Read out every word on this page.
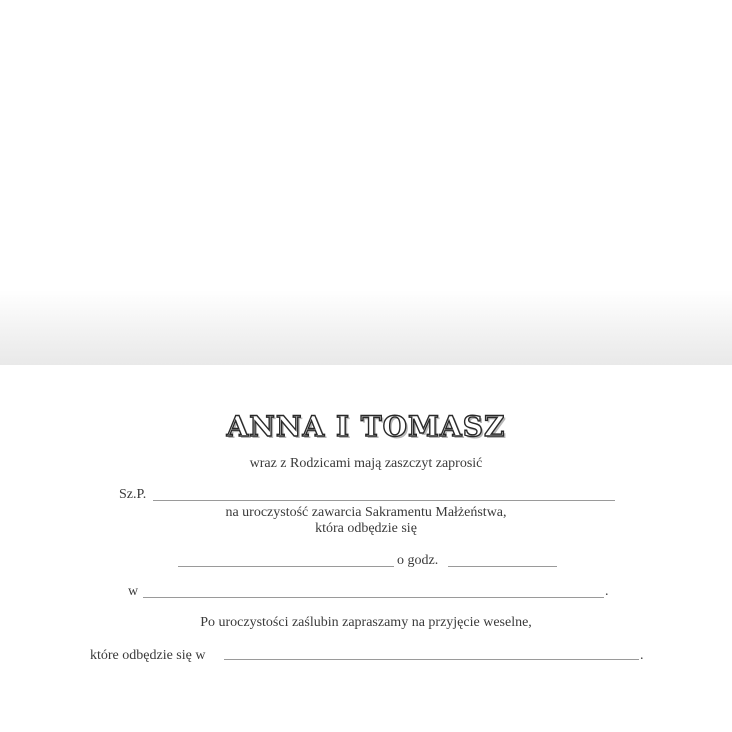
ANNA I TOMASZ
wraz z Rodzicami mają zaszczyt zaprosić
Sz.P.
na uroczystość zawarcia Sakramentu Małżeństwa,
która odbędzie się
o godz.
w	.
Po uroczystości zaślubin zapraszamy na przyjęcie weselne,
które odbędzie się w	.
